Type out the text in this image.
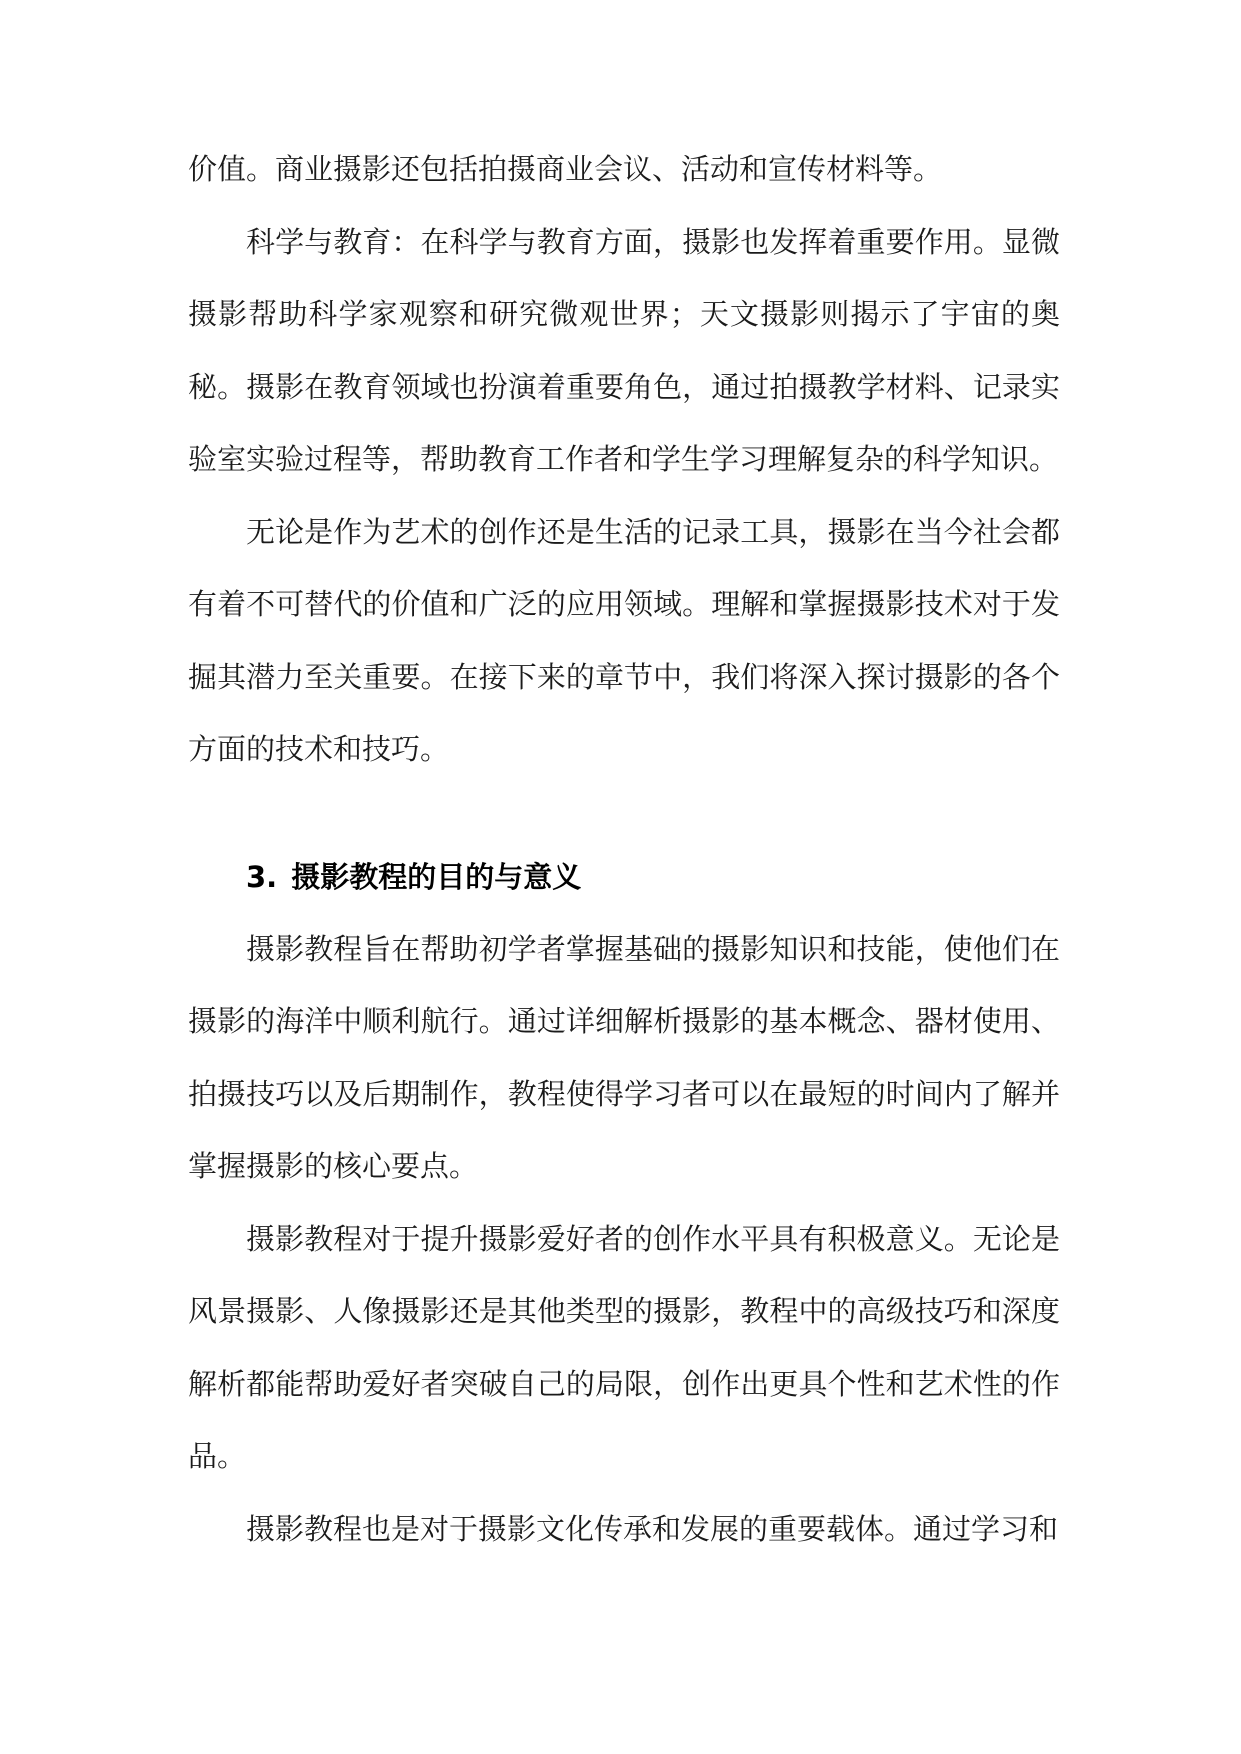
价值。商业摄影还包括拍摄商业会议、活动和宣传材料等。

科学与教育：在科学与教育方面，摄影也发挥着重要作用。显微摄影帮助科学家观察和研究微观世界；天文摄影则揭示了宇宙的奥秘。摄影在教育领域也扮演着重要角色，通过拍摄教学材料、记录实验室实验过程等，帮助教育工作者和学生学习理解复杂的科学知识。

无论是作为艺术的创作还是生活的记录工具，摄影在当今社会都有着不可替代的价值和广泛的应用领域。理解和掌握摄影技术对于发掘其潜力至关重要。在接下来的章节中，我们将深入探讨摄影的各个方面的技术和技巧。

3. 摄影教程的目的与意义

摄影教程旨在帮助初学者掌握基础的摄影知识和技能，使他们在摄影的海洋中顺利航行。通过详细解析摄影的基本概念、器材使用、拍摄技巧以及后期制作，教程使得学习者可以在最短的时间内了解并掌握摄影的核心要点。

摄影教程对于提升摄影爱好者的创作水平具有积极意义。无论是风景摄影、人像摄影还是其他类型的摄影，教程中的高级技巧和深度解析都能帮助爱好者突破自己的局限，创作出更具个性和艺术性的作品。

摄影教程也是对于摄影文化传承和发展的重要载体。通过学习和
